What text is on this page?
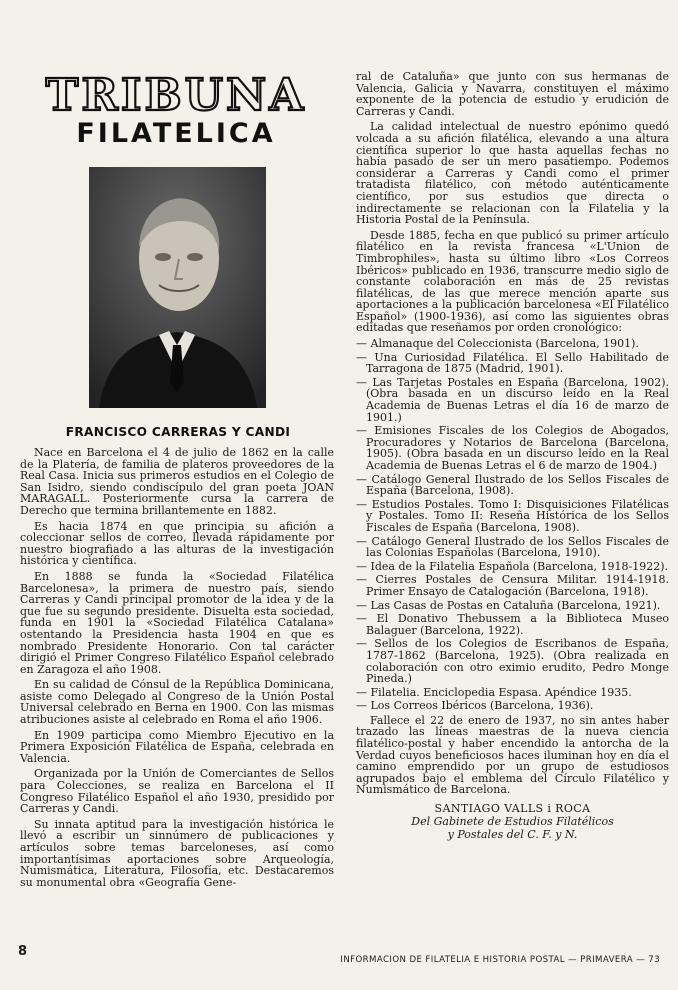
TRIBUNA
FILATELICA
FRANCISCO CARRERAS Y CANDI

Nace en Barcelona el 4 de julio de 1862 en la calle de la Platería, de familia de plateros proveedores de la Real Casa. Inicia sus primeros estudios en el Colegio de San Isidro, siendo condiscípulo del gran poeta JOAN MARAGALL. Posteriormente cursa la carrera de Derecho que termina brillantemente en 1882.

Es hacia 1874 en que principia su afición a coleccionar sellos de correo, llevada rápidamente por nuestro biografiado a las alturas de la investigación histórica y científica.

En 1888 se funda la «Sociedad Filatélica Barcelonesa», la primera de nuestro país, siendo Carreras y Candi principal promotor de la idea y de la que fue su segundo presidente. Disuelta esta sociedad, funda en 1901 la «Sociedad Filatélica Catalana» ostentando la Presidencia hasta 1904 en que es nombrado Presidente Honorario. Con tal carácter dirigió el Primer Congreso Filatélico Español celebrado en Zaragoza el año 1908.

En su calidad de Cónsul de la República Dominicana, asiste como Delegado al Congreso de la Unión Postal Universal celebrado en Berna en 1900. Con las mismas atribuciones asiste al celebrado en Roma el año 1906.

En 1909 participa como Miembro Ejecutivo en la Primera Exposición Filatélica de España, celebrada en Valencia.

Organizada por la Unión de Comerciantes de Sellos para Colecciones, se realiza en Barcelona el II Congreso Filatélico Español el año 1930, presidido por Carreras y Candi.

Su innata aptitud para la investigación histórica le llevó a escribir un sinnúmero de publicaciones y artículos sobre temas barceloneses, así como importantísimas aportaciones sobre Arqueología, Numismática, Literatura, Filosofía, etc. Destacaremos su monumental obra «Geografía Gene-

ral de Cataluña» que junto con sus hermanas de Valencia, Galicia y Navarra, constituyen el máximo exponente de la potencia de estudio y erudición de Carreras y Candi.

La calidad intelectual de nuestro epónimo quedó volcada a su afición filatélica, elevando a una altura científica superior lo que hasta aquellas fechas no había pasado de ser un mero pasatiempo. Podemos considerar a Carreras y Candi como el primer tratadista filatélico, con método auténticamente científico, por sus estudios que directa o indirectamente se relacionan con la Filatelia y la Historia Postal de la Península.

Desde 1885, fecha en que publicó su primer artículo filatélico en la revista francesa «L'Union de Timbrophiles», hasta su último libro «Los Correos Ibéricos» publicado en 1936, transcurre medio siglo de constante colaboración en más de 25 revistas filatélicas, de las que merece mención aparte sus aportaciones a la publicación barcelonesa «El Filatélico Español» (1900-1936), así como las siguientes obras editadas que reseñamos por orden cronológico:

— Almanaque del Coleccionista (Barcelona, 1901).
— Una Curiosidad Filatélica. El Sello Habilitado de Tarragona de 1875 (Madrid, 1901).
— Las Tarjetas Postales en España (Barcelona, 1902). (Obra basada en un discurso leído en la Real Academia de Buenas Letras el día 16 de marzo de 1901.)
— Emisiones Fiscales de los Colegios de Abogados, Procuradores y Notarios de Barcelona (Barcelona, 1905). (Obra basada en un discurso leído en la Real Academia de Buenas Letras el 6 de marzo de 1904.)
— Catálogo General Ilustrado de los Sellos Fiscales de España (Barcelona, 1908).
— Estudios Postales. Tomo I: Disquisiciones Filatélicas y Postales. Tomo II: Reseña Histórica de los Sellos Fiscales de España (Barcelona, 1908).
— Catálogo General Ilustrado de los Sellos Fiscales de las Colonias Españolas (Barcelona, 1910).
— Idea de la Filatelia Española (Barcelona, 1918-1922).
— Cierres Postales de Censura Militar. 1914-1918. Primer Ensayo de Catalogación (Barcelona, 1918).
— Las Casas de Postas en Cataluña (Barcelona, 1921).
— El Donativo Thebussem a la Biblioteca Museo Balaguer (Barcelona, 1922).
— Sellos de los Colegios de Escribanos de España, 1787-1862 (Barcelona, 1925). (Obra realizada en colaboración con otro eximio erudito, Pedro Monge Pineda.)
— Filatelia. Enciclopedia Espasa. Apéndice 1935.
— Los Correos Ibéricos (Barcelona, 1936).

Fallece el 22 de enero de 1937, no sin antes haber trazado las líneas maestras de la nueva ciencia filatélico-postal y haber encendido la antorcha de la Verdad cuyos beneficiosos haces iluminan hoy en día el camino emprendido por un grupo de estudiosos agrupados bajo el emblema del Círculo Filatélico y Numismático de Barcelona.

SANTIAGO VALLS i ROCA
Del Gabinete de Estudios Filatélicos
y Postales del C. F. y N.
8
INFORMACION DE FILATELIA E HISTORIA POSTAL — PRIMAVERA — 73
